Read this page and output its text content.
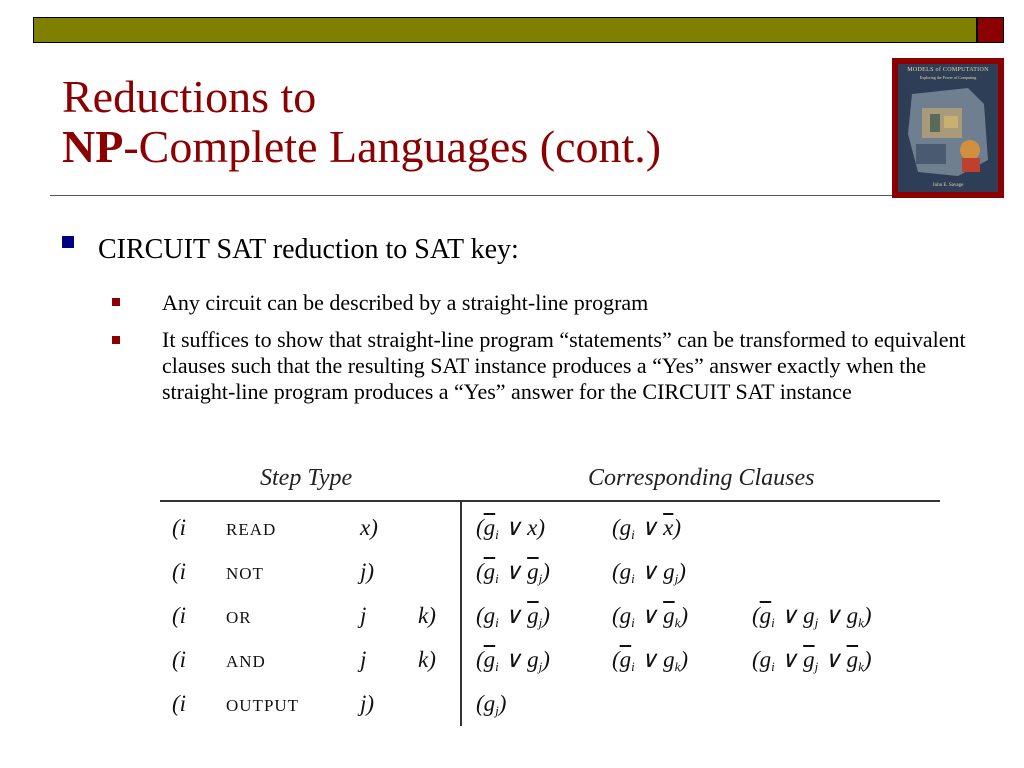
MODELS of COMPUTATION
Exploring the Power of Computing
John E. Savage
Reductions to
NP-Complete Languages (cont.)
CIRCUIT SAT reduction to SAT key:
Any circuit can be described by a straight-line program
It suffices to show that straight-line program “statements” can be transformed to equivalent clauses such that the resulting SAT instance produces a “Yes” answer exactly when the straight-line program produces a “Yes” answer for the CIRCUIT SAT instance
Step Type	Corresponding Clauses
(i READ	x)	($\overline{g}_i$ ∨ x)	($g_i$ ∨ $\overline{x}$)
(i NOT	j)	($\overline{g}_i$ ∨ $\overline{g}_j$)	($g_i$ ∨ $g_j$)
(i OR	j k) ($g_i$ ∨ $\overline{g}_j$)	($g_i$ ∨ $\overline{g}_k$)	($\overline{g}_i$ ∨ $g_j$ ∨ $g_k$)
(i AND	j k) ($\overline{g}_i$ ∨ $g_j$)	($\overline{g}_i$ ∨ $g_k$)	($g_i$ ∨ $\overline{g}_j$ ∨ $\overline{g}_k$)
(i OUTPUT	j)	$(g_j)$
